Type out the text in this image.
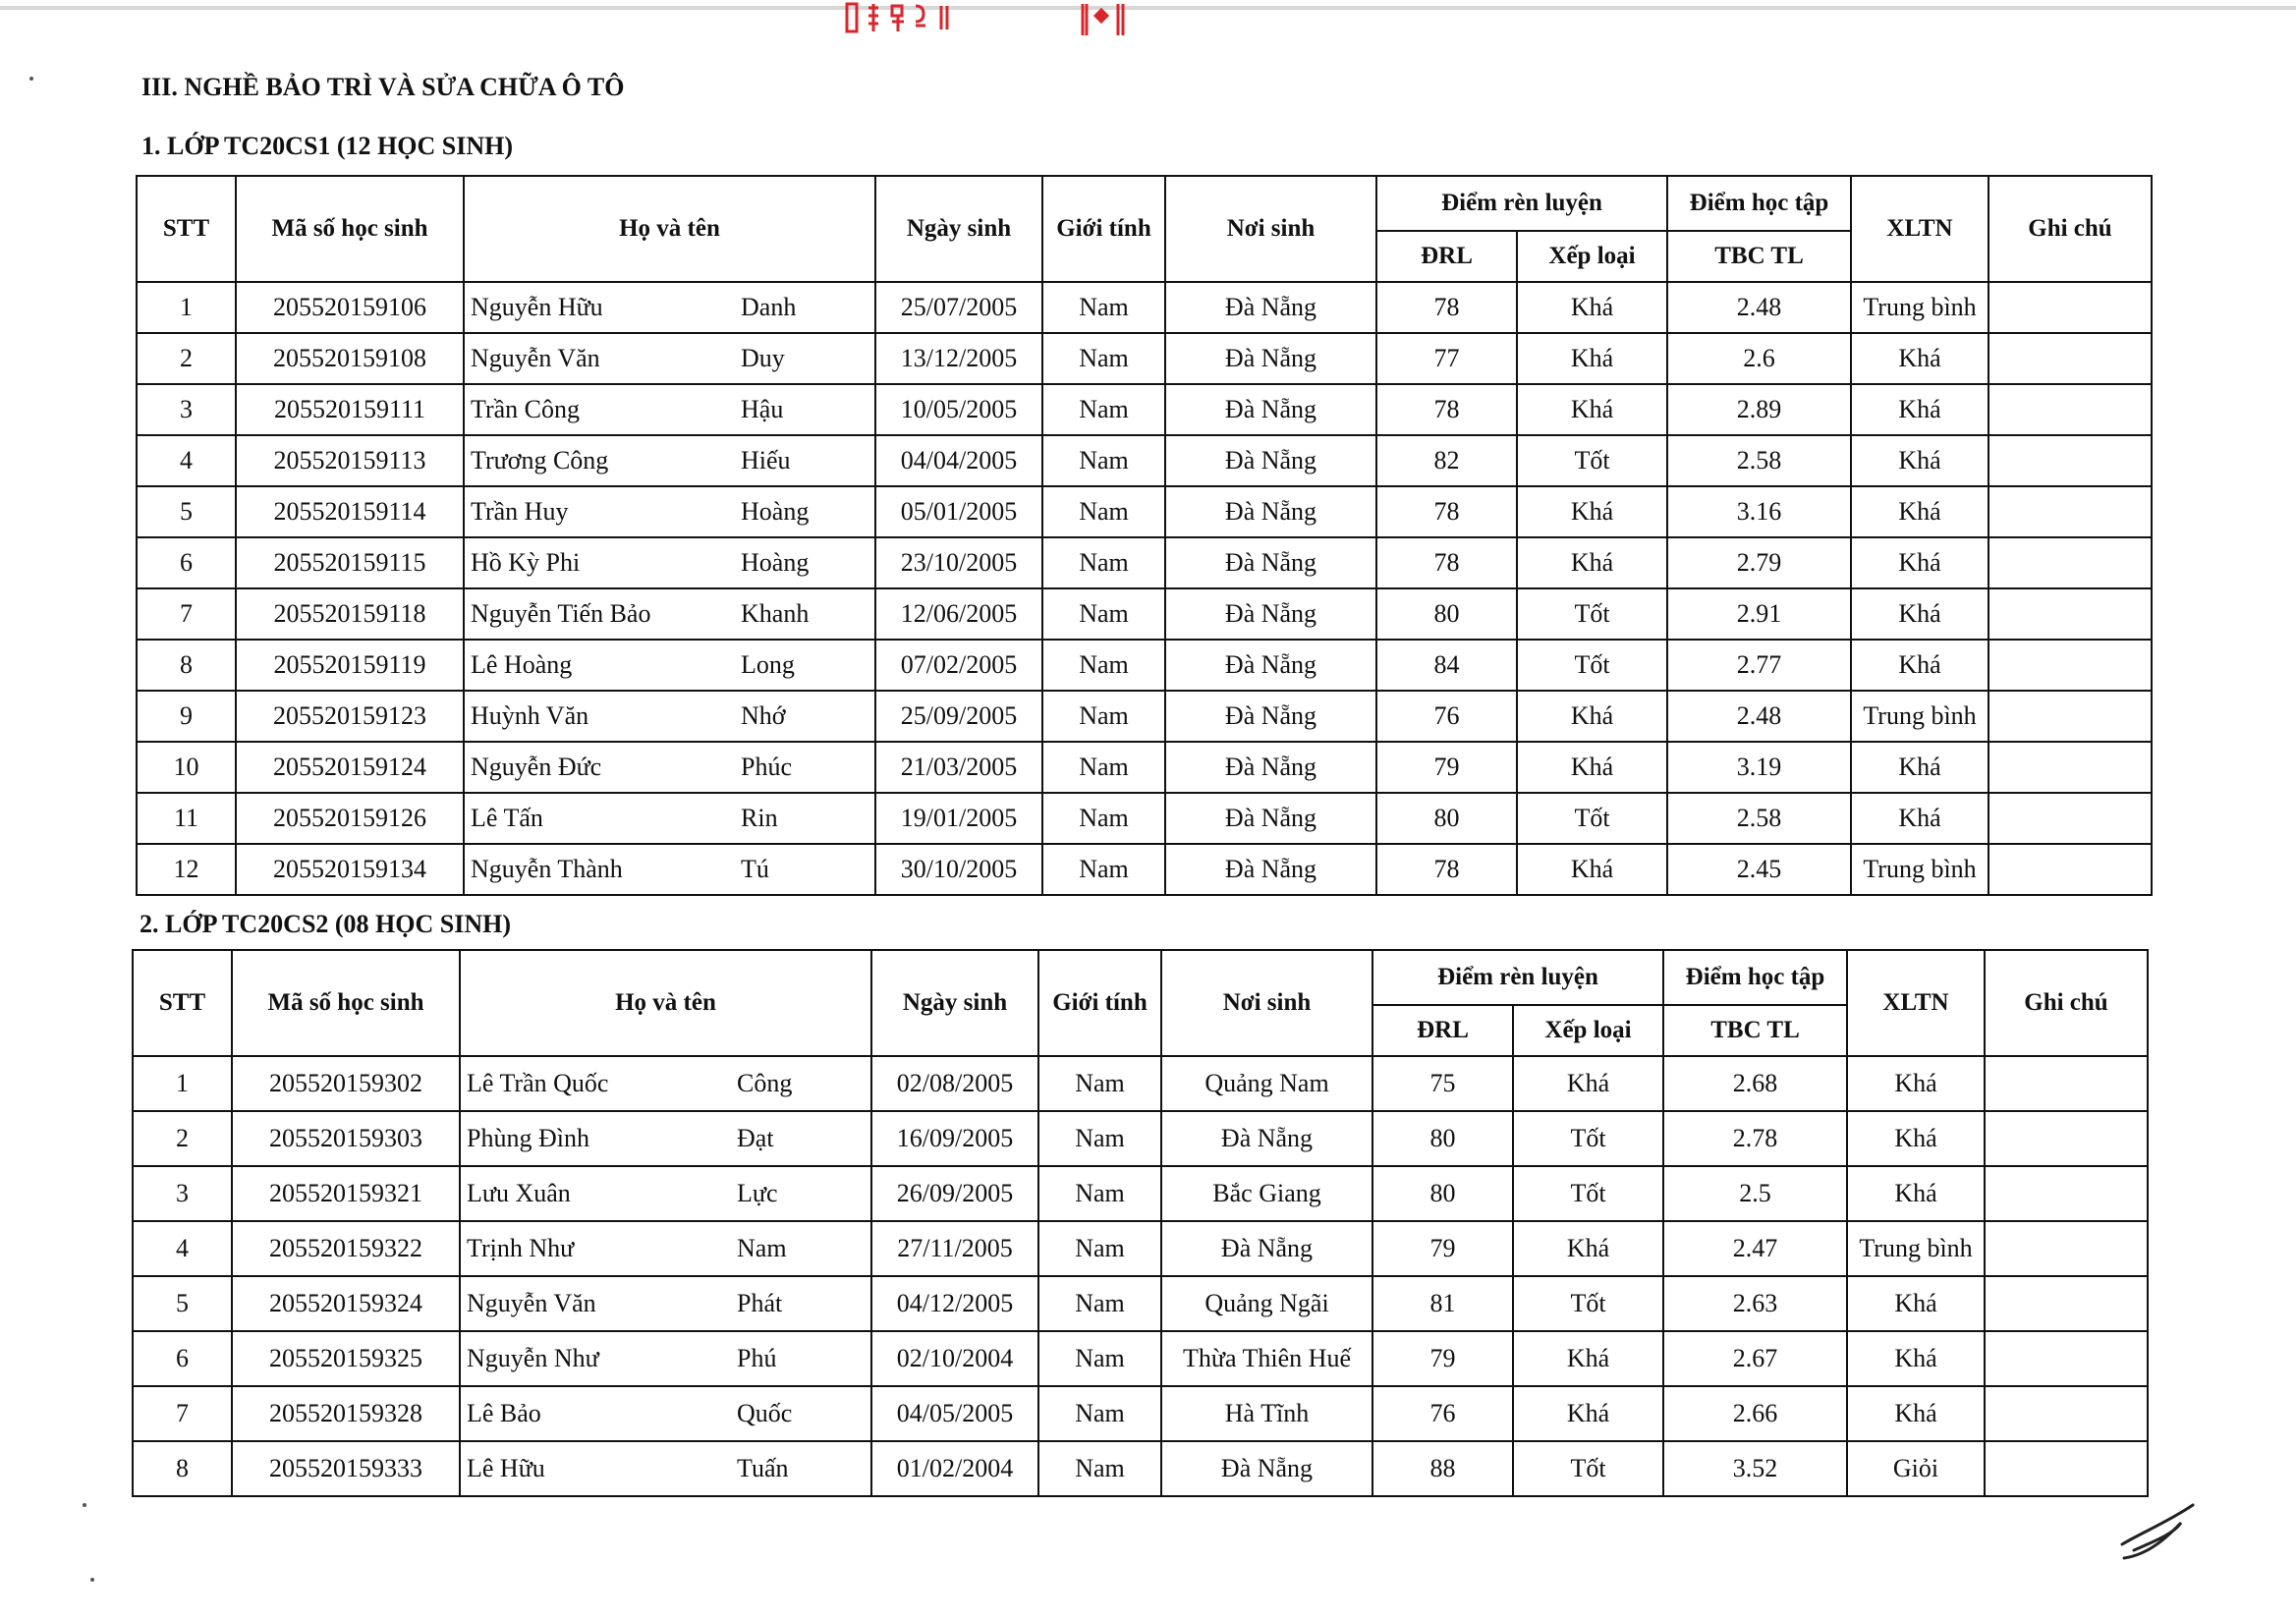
III. NGHỀ BẢO TRÌ VÀ SỬA CHỮA Ô TÔ
1. LỚP TC20CS1 (12 HỌC SINH)
STT	Mã số học sinh	Họ và tên	Ngày sinh	Giới tính	Nơi sinh	Điểm rèn luyện		Điểm học tập	XLTN	Ghi chú
						ĐRL	Xếp loại	TBC TL		
1	205520159106	Nguyễn Hữu Danh	25/07/2005	Nam	Đà Nẵng	78	Khá	2.48	Trung bình	
2	205520159108	Nguyễn Văn Duy	13/12/2005	Nam	Đà Nẵng	77	Khá	2.6	Khá	
3	205520159111	Trần Công Hậu	10/05/2005	Nam	Đà Nẵng	78	Khá	2.89	Khá	
4	205520159113	Trương Công Hiếu	04/04/2005	Nam	Đà Nẵng	82	Tốt	2.58	Khá	
5	205520159114	Trần Huy Hoàng	05/01/2005	Nam	Đà Nẵng	78	Khá	3.16	Khá	
6	205520159115	Hồ Kỳ Phi Hoàng	23/10/2005	Nam	Đà Nẵng	78	Khá	2.79	Khá	
7	205520159118	Nguyễn Tiến Bảo Khanh	12/06/2005	Nam	Đà Nẵng	80	Tốt	2.91	Khá	
8	205520159119	Lê Hoàng Long	07/02/2005	Nam	Đà Nẵng	84	Tốt	2.77	Khá	
9	205520159123	Huỳnh Văn Nhớ	25/09/2005	Nam	Đà Nẵng	76	Khá	2.48	Trung bình	
10	205520159124	Nguyễn Đức Phúc	21/03/2005	Nam	Đà Nẵng	79	Khá	3.19	Khá	
11	205520159126	Lê Tấn Rin	19/01/2005	Nam	Đà Nẵng	80	Tốt	2.58	Khá	
12	205520159134	Nguyễn Thành Tú	30/10/2005	Nam	Đà Nẵng	78	Khá	2.45	Trung bình	
2. LỚP TC20CS2 (08 HỌC SINH)
STT	Mã số học sinh	Họ và tên	Ngày sinh	Giới tính	Nơi sinh	Điểm rèn luyện		Điểm học tập	XLTN	Ghi chú
						ĐRL	Xếp loại	TBC TL		
1	205520159302	Lê Trần Quốc Công	02/08/2005	Nam	Quảng Nam	75	Khá	2.68	Khá	
2	205520159303	Phùng Đình Đạt	16/09/2005	Nam	Đà Nẵng	80	Tốt	2.78	Khá	
3	205520159321	Lưu Xuân Lực	26/09/2005	Nam	Bắc Giang	80	Tốt	2.5	Khá	
4	205520159322	Trịnh Như Nam	27/11/2005	Nam	Đà Nẵng	79	Khá	2.47	Trung bình	
5	205520159324	Nguyễn Văn Phát	04/12/2005	Nam	Quảng Ngãi	81	Tốt	2.63	Khá	
6	205520159325	Nguyễn Như Phú	02/10/2004	Nam	Thừa Thiên Huế	79	Khá	2.67	Khá	
7	205520159328	Lê Bảo Quốc	04/05/2005	Nam	Hà Tĩnh	76	Khá	2.66	Khá	
8	205520159333	Lê Hữu Tuấn	01/02/2004	Nam	Đà Nẵng	88	Tốt	3.52	Giỏi	
